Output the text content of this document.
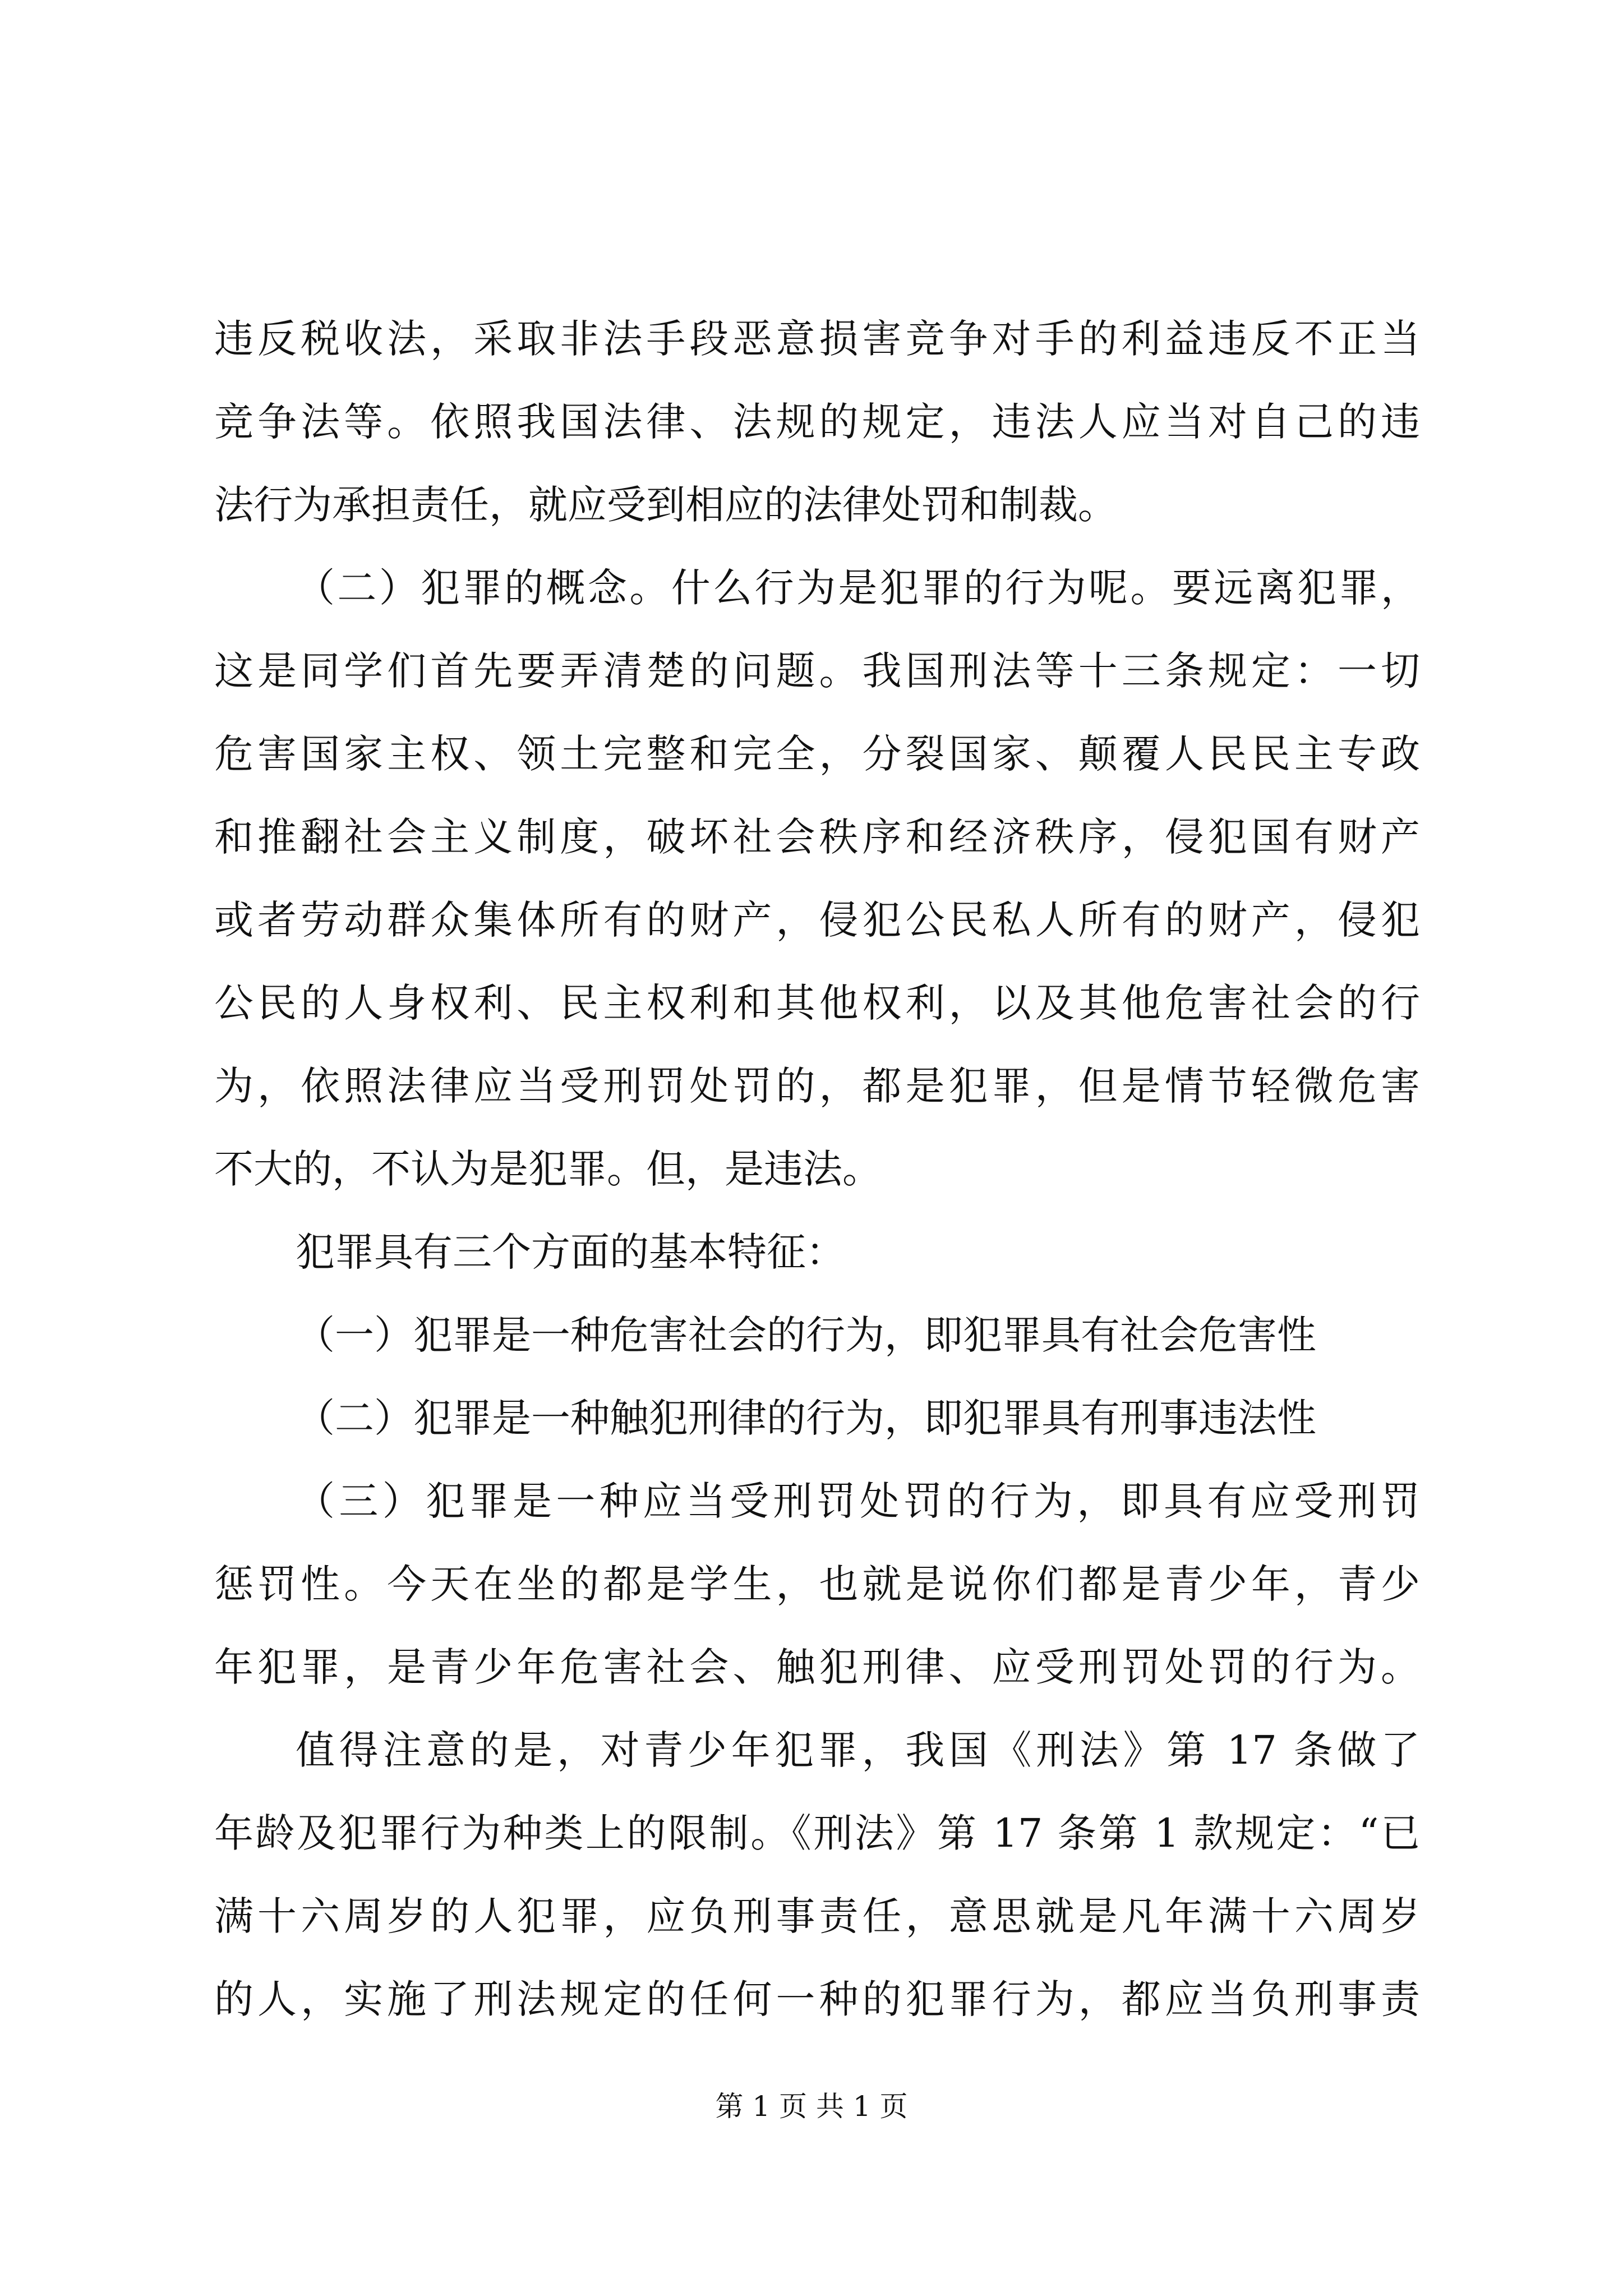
违反税收法，采取非法手段恶意损害竞争对手的利益违反不正当
竞争法等。依照我国法律、法规的规定，违法人应当对自己的违
法行为承担责任，就应受到相应的法律处罚和制裁。
（二）犯罪的概念。什么行为是犯罪的行为呢。要远离犯罪，
这是同学们首先要弄清楚的问题。我国刑法等十三条规定：一切
危害国家主权、领土完整和完全，分裂国家、颠覆人民民主专政
和推翻社会主义制度，破坏社会秩序和经济秩序，侵犯国有财产
或者劳动群众集体所有的财产，侵犯公民私人所有的财产，侵犯
公民的人身权利、民主权利和其他权利，以及其他危害社会的行
为，依照法律应当受刑罚处罚的，都是犯罪，但是情节轻微危害
不大的，不认为是犯罪。但，是违法。
犯罪具有三个方面的基本特征：
（一）犯罪是一种危害社会的行为，即犯罪具有社会危害性
（二）犯罪是一种触犯刑律的行为，即犯罪具有刑事违法性
（三）犯罪是一种应当受刑罚处罚的行为，即具有应受刑罚
惩罚性。今天在坐的都是学生，也就是说你们都是青少年，青少
年犯罪，是青少年危害社会、触犯刑律、应受刑罚处罚的行为。
值得注意的是，对青少年犯罪，我国《刑法》第 17 条做了
年龄及犯罪行为种类上的限制。《刑法》第 17 条第 1 款规定：“已
满十六周岁的人犯罪，应负刑事责任，意思就是凡年满十六周岁
的人，实施了刑法规定的任何一种的犯罪行为，都应当负刑事责
第 1 页 共 1 页
